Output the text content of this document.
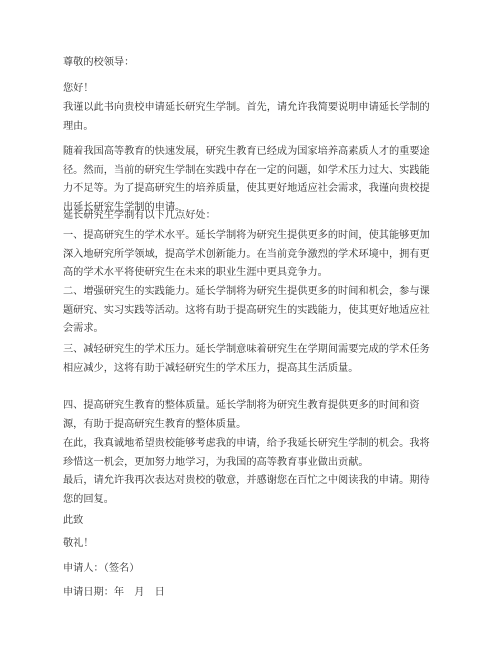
尊敬的校领导：

您好！

我谨以此书向贵校申请延长研究生学制。首先，请允许我简要说明申请延长学制的理由。

随着我国高等教育的快速发展，研究生教育已经成为国家培养高素质人才的重要途径。然而，当前的研究生学制在实践中存在一定的问题，如学术压力过大、实践能力不足等。为了提高研究生的培养质量，使其更好地适应社会需求，我谨向贵校提出延长研究生学制的申请。

延长研究生学制有以下几点好处：

一、提高研究生的学术水平。延长学制将为研究生提供更多的时间，使其能够更加深入地研究所学领域，提高学术创新能力。在当前竞争激烈的学术环境中，拥有更高的学术水平将使研究生在未来的职业生涯中更具竞争力。

二、增强研究生的实践能力。延长学制将为研究生提供更多的时间和机会，参与课题研究、实习实践等活动。这将有助于提高研究生的实践能力，使其更好地适应社会需求。

三、减轻研究生的学术压力。延长学制意味着研究生在学期间需要完成的学术任务相应减少，这将有助于减轻研究生的学术压力，提高其生活质量。

四、提高研究生教育的整体质量。延长学制将为研究生教育提供更多的时间和资源，有助于提高研究生教育的整体质量。

在此，我真诚地希望贵校能够考虑我的申请，给予我延长研究生学制的机会。我将珍惜这一机会，更加努力地学习，为我国的高等教育事业做出贡献。

最后，请允许我再次表达对贵校的敬意，并感谢您在百忙之中阅读我的申请。期待您的回复。

此致

敬礼！

申请人：（签名）

申请日期：年　月　日
